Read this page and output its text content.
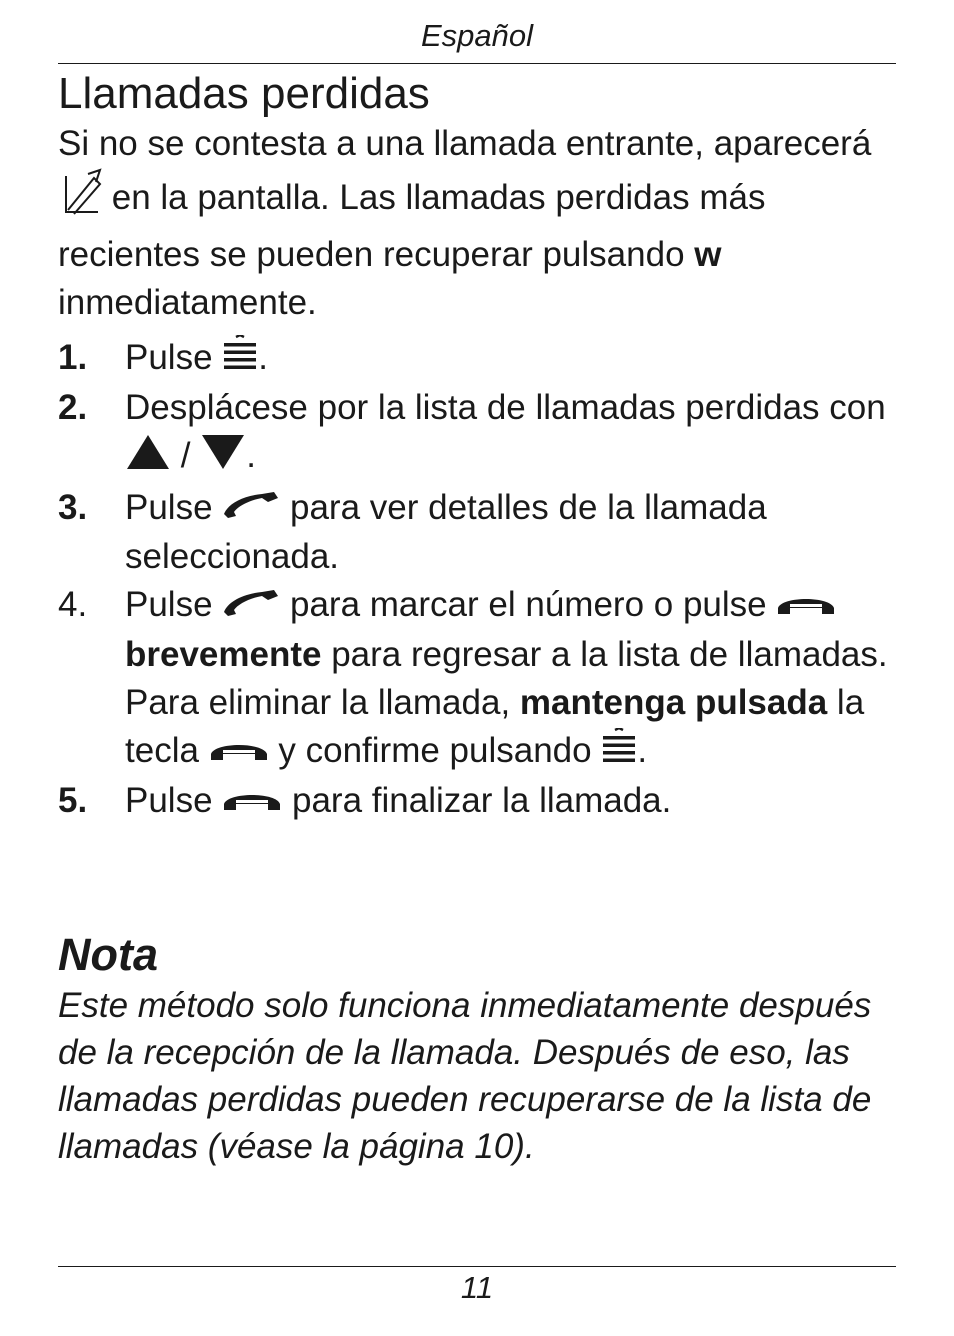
Español
Llamadas perdidas

Si no se contesta a una llamada entrante, aparecerá  en la pantalla. Las llamadas perdidas más recientes se pueden recuperar pulsando w inmediatamente.

1. Pulse .
2. Desplácese por la lista de llamadas perdidas con  / .
3. Pulse  para ver detalles de la llamada seleccionada.
4. Pulse  para marcar el número o pulse brevemente para regresar a la lista de llamadas. Para eliminar la llamada, mantenga pulsada la tecla  y confirme pulsando .
5. Pulse  para finalizar la llamada.
Nota

Este método solo funciona inmediatamente después de la recepción de la llamada. Después de eso, las llamadas perdidas pueden recuperarse de la lista de llamadas (véase la página 10).

11
